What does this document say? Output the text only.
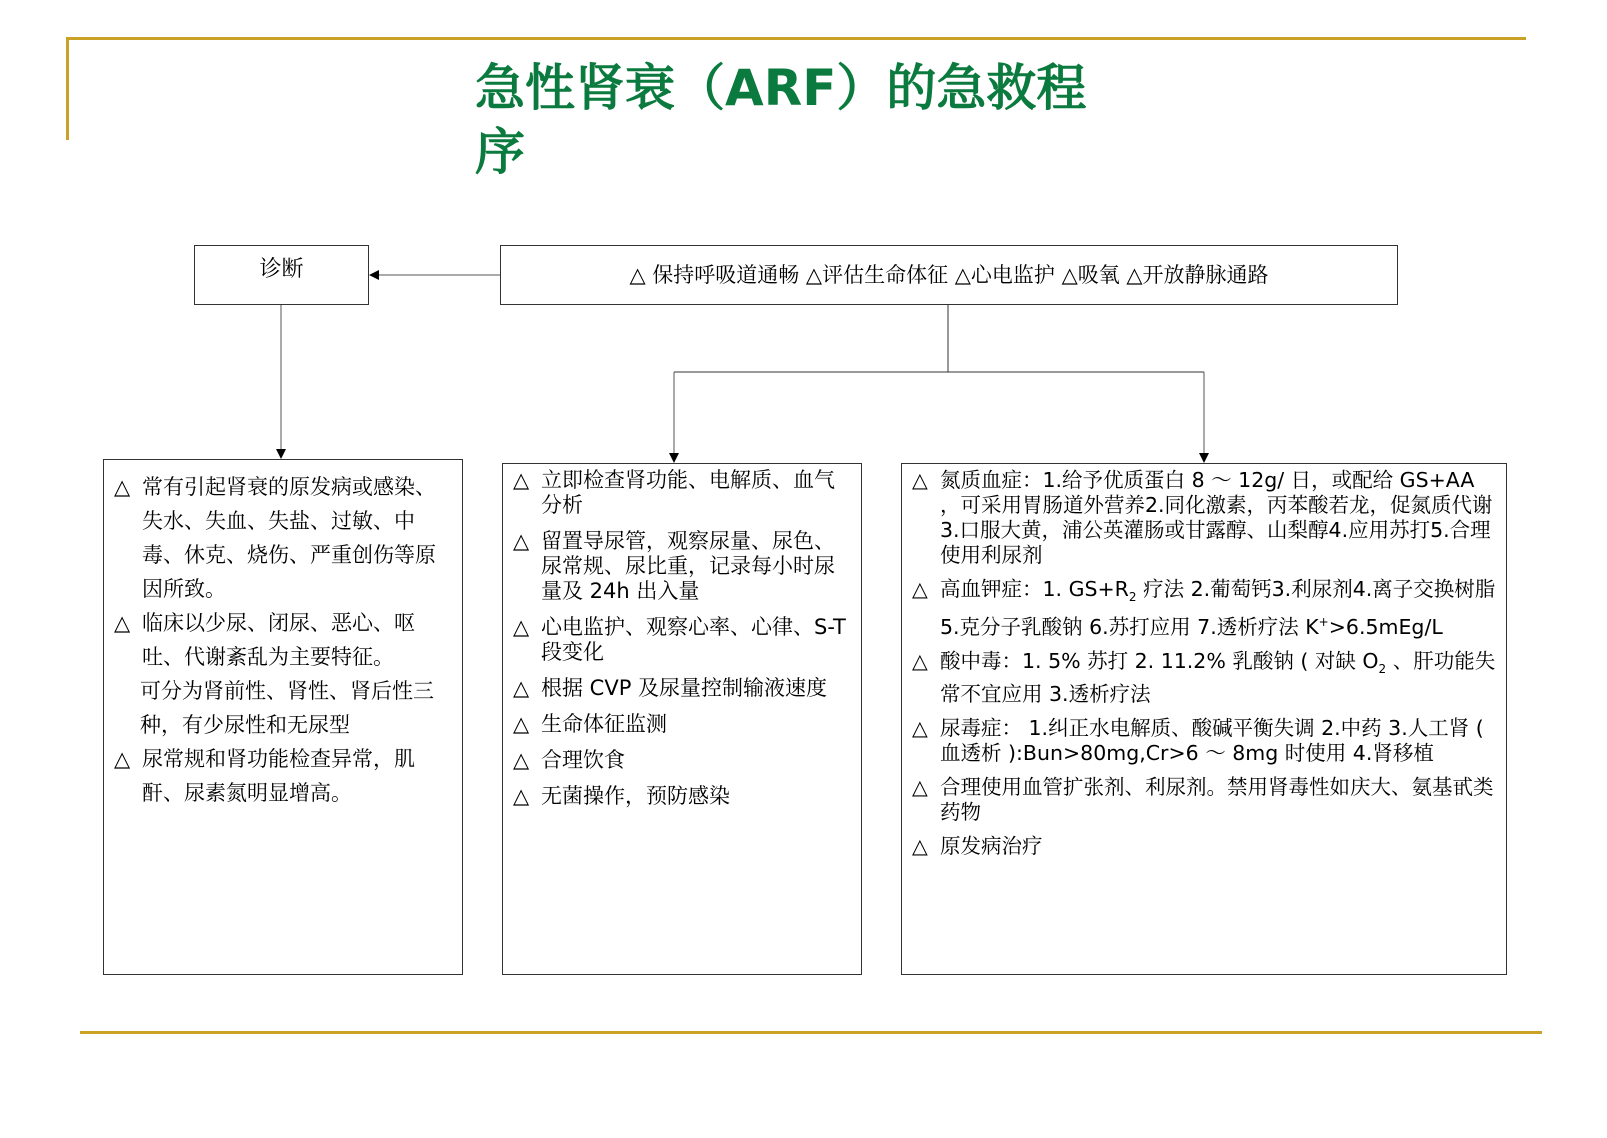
急性肾衰（ARF）的急救程序
诊断	△ 保持呼吸道通畅 △评估生命体征 △心电监护 △吸氧 △开放静脉通路
△ 常有引起肾衰的原发病或感染、失水、失血、失盐、过敏、中毒、休克、烧伤、严重创伤等原因所致。
△ 临床以少尿、闭尿、恶心、呕吐、代谢紊乱为主要特征。
可分为肾前性、肾性、肾后性三种，有少尿性和无尿型
△ 尿常规和肾功能检查异常，肌酐、尿素氮明显增高。
△ 立即检查肾功能、电解质、血气分析
△ 留置导尿管，观察尿量、尿色、尿常规、尿比重，记录每小时尿量及 24h 出入量
△ 心电监护、观察心率、心律、S-T 段变化
△ 根据 CVP 及尿量控制输液速度
△ 生命体征监测
△ 合理饮食
△ 无菌操作，预防感染
△ 氮质血症：1.给予优质蛋白 8 ～ 12g/ 日，或配给 GS+AA ，可采用胃肠道外营养2.同化激素，丙苯酸若龙，促氮质代谢3.口服大黄，浦公英灌肠或甘露醇、山梨醇4.应用苏打5.合理使用利尿剂
△ 高血钾症：1. $GS+R_2$ 疗法 2.葡萄钙3.利尿剂4.离子交换树脂 5.克分子乳酸钠 6.苏打应用 7.透析疗法 K+>6.5mEg/L
△ 酸中毒：1. 5% 苏打 2. 11.2% 乳酸钠 ( 对缺 $O_2$ 、肝功能失常不宜应用 3.透析疗法
△ 尿毒症： 1.纠正水电解质、酸碱平衡失调 2.中药 3.人工肾 ( 血透析 ):Bun>80mg,Cr>6 ～ 8mg 时使用 4.肾移植
△ 合理使用血管扩张剂、利尿剂。禁用肾毒性如庆大、氨基甙类药物
△ 原发病治疗
